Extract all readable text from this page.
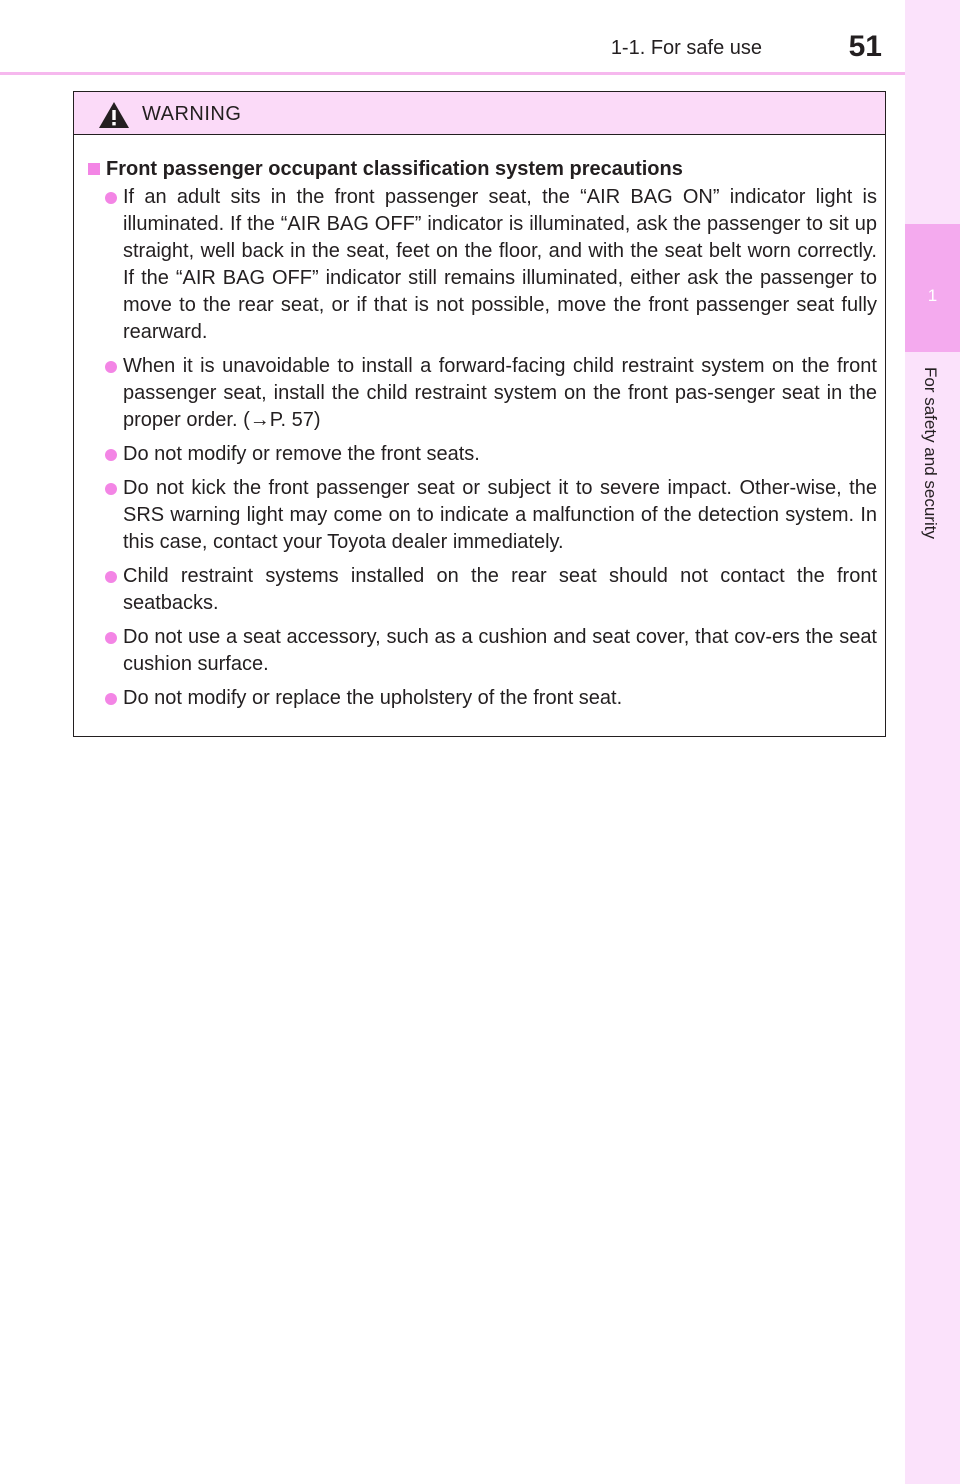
1-1. For safe use	51
1
For safety and security
WARNING
Front passenger occupant classification system precautions
If an adult sits in the front passenger seat, the “AIR BAG ON” indicator light is illuminated. If the “AIR BAG OFF” indicator is illuminated, ask the passenger to sit up straight, well back in the seat, feet on the floor, and with the seat belt worn correctly. If the “AIR BAG OFF” indicator still remains illuminated, either ask the passenger to move to the rear seat, or if that is not possible, move the front passenger seat fully rearward.
When it is unavoidable to install a forward-facing child restraint system on the front passenger seat, install the child restraint system on the front pas-senger seat in the proper order. (→P. 57)
Do not modify or remove the front seats.
Do not kick the front passenger seat or subject it to severe impact. Other-wise, the SRS warning light may come on to indicate a malfunction of the detection system. In this case, contact your Toyota dealer immediately.
Child restraint systems installed on the rear seat should not contact the front seatbacks.
Do not use a seat accessory, such as a cushion and seat cover, that cov-ers the seat cushion surface.
Do not modify or replace the upholstery of the front seat.
